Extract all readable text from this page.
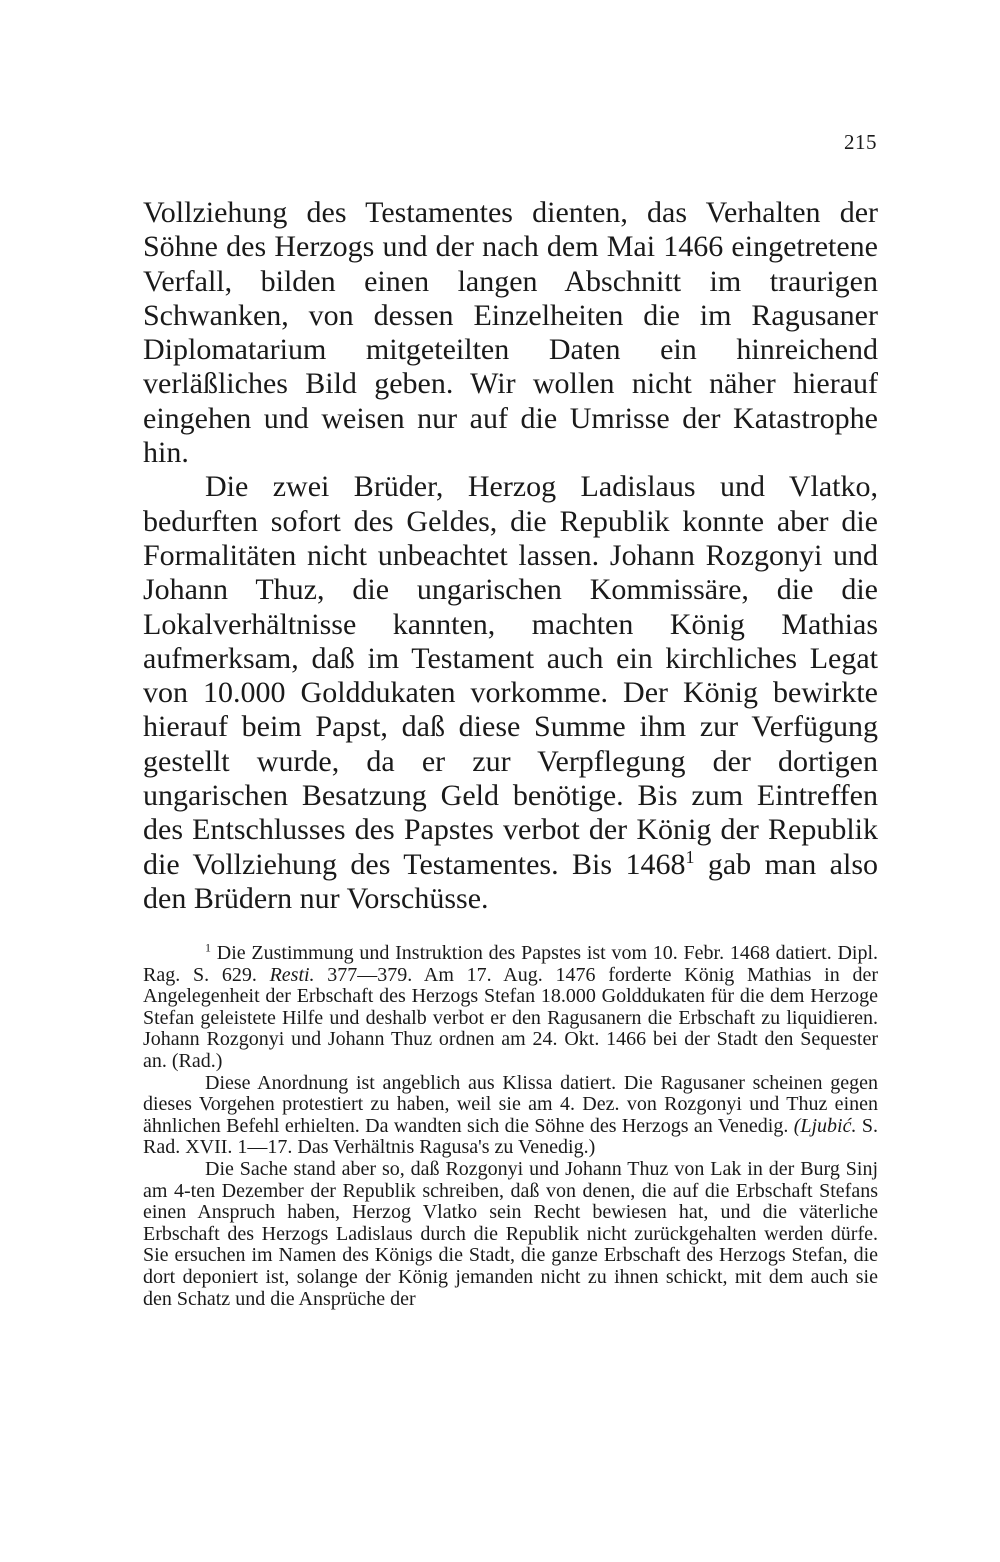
215

Vollziehung des Testamentes dienten, das Verhalten der Söhne des Herzogs und der nach dem Mai 1466 eingetretene Verfall, bilden einen langen Abschnitt im traurigen Schwanken, von dessen Einzelheiten die im Ragusaner Diplomatarium mitgeteilten Daten ein hinreichend verläßliches Bild geben. Wir wollen nicht näher hierauf eingehen und weisen nur auf die Umrisse der Katastrophe hin.

Die zwei Brüder, Herzog Ladislaus und Vlatko, bedurften sofort des Geldes, die Republik konnte aber die Formalitäten nicht unbeachtet lassen. Johann Rozgonyi und Johann Thuz, die ungarischen Kommissäre, die die Lokalverhältnisse kannten, machten König Mathias aufmerksam, daß im Testament auch ein kirchliches Legat von 10.000 Golddukaten vorkomme. Der König bewirkte hierauf beim Papst, daß diese Summe ihm zur Verfügung gestellt wurde, da er zur Verpflegung der dortigen ungarischen Besatzung Geld benötige. Bis zum Eintreffen des Entschlusses des Papstes verbot der König der Republik die Vollziehung des Testamentes. Bis 1468$^1$ gab man also den Brüdern nur Vorschüsse.

$^1$ Die Zustimmung und Instruktion des Papstes ist vom 10. Febr. 1468 datiert. Dipl. Rag. S. 629. Resti. 377—379. Am 17. Aug. 1476 forderte König Mathias in der Angelegenheit der Erbschaft des Herzogs Stefan 18.000 Golddukaten für die dem Herzoge Stefan geleistete Hilfe und deshalb verbot er den Ragusanern die Erbschaft zu liquidieren. Johann Rozgonyi und Johann Thuz ordnen am 24. Okt. 1466 bei der Stadt den Sequester an. (Rad.)

Diese Anordnung ist angeblich aus Klissa datiert. Die Ragusaner scheinen gegen dieses Vorgehen protestiert zu haben, weil sie am 4. Dez. von Rozgonyi und Thuz einen ähnlichen Befehl erhielten. Da wandten sich die Söhne des Herzogs an Venedig. (Ljubić. S. Rad. XVII. 1—17. Das Verhältnis Ragusa's zu Venedig.)

Die Sache stand aber so, daß Rozgonyi und Johann Thuz von Lak in der Burg Sinj am 4-ten Dezember der Republik schreiben, daß von denen, die auf die Erbschaft Stefans einen Anspruch haben, Herzog Vlatko sein Recht bewiesen hat, und die väterliche Erbschaft des Herzogs Ladislaus durch die Republik nicht zurückgehalten werden dürfe. Sie ersuchen im Namen des Königs die Stadt, die ganze Erbschaft des Herzogs Stefan, die dort deponiert ist, solange der König jemanden nicht zu ihnen schickt, mit dem auch sie den Schatz und die Ansprüche der
